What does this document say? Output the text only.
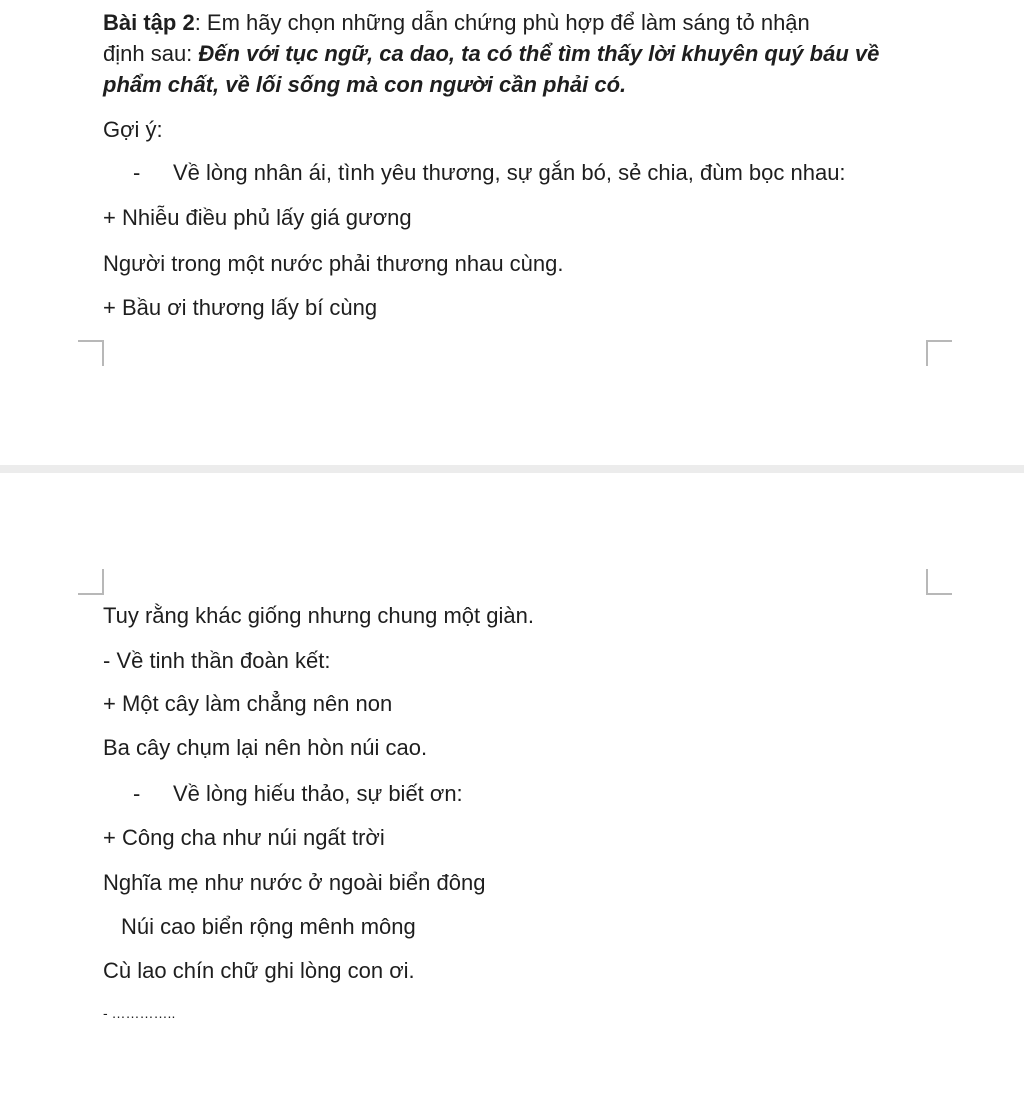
Bài tập 2: Em hãy chọn những dẫn chứng phù hợp để làm sáng tỏ nhận
định sau: Đến với tục ngữ, ca dao, ta có thể tìm thấy lời khuyên quý báu về
phẩm chất, về lối sống mà con người cần phải có.
Gợi ý:
- Về lòng nhân ái, tình yêu thương, sự gắn bó, sẻ chia, đùm bọc nhau:
+ Nhiễu điều phủ lấy giá gương
Người trong một nước phải thương nhau cùng.
+ Bầu ơi thương lấy bí cùng
Tuy rằng khác giống nhưng chung một giàn.
- Về tinh thần đoàn kết:
+ Một cây làm chẳng nên non
Ba cây chụm lại nên hòn núi cao.
- Về lòng hiếu thảo, sự biết ơn:
+ Công cha như núi ngất trời
Nghĩa mẹ như nước ở ngoài biển đông
Núi cao biển rộng mênh mông
Cù lao chín chữ ghi lòng con ơi.
- …………..
